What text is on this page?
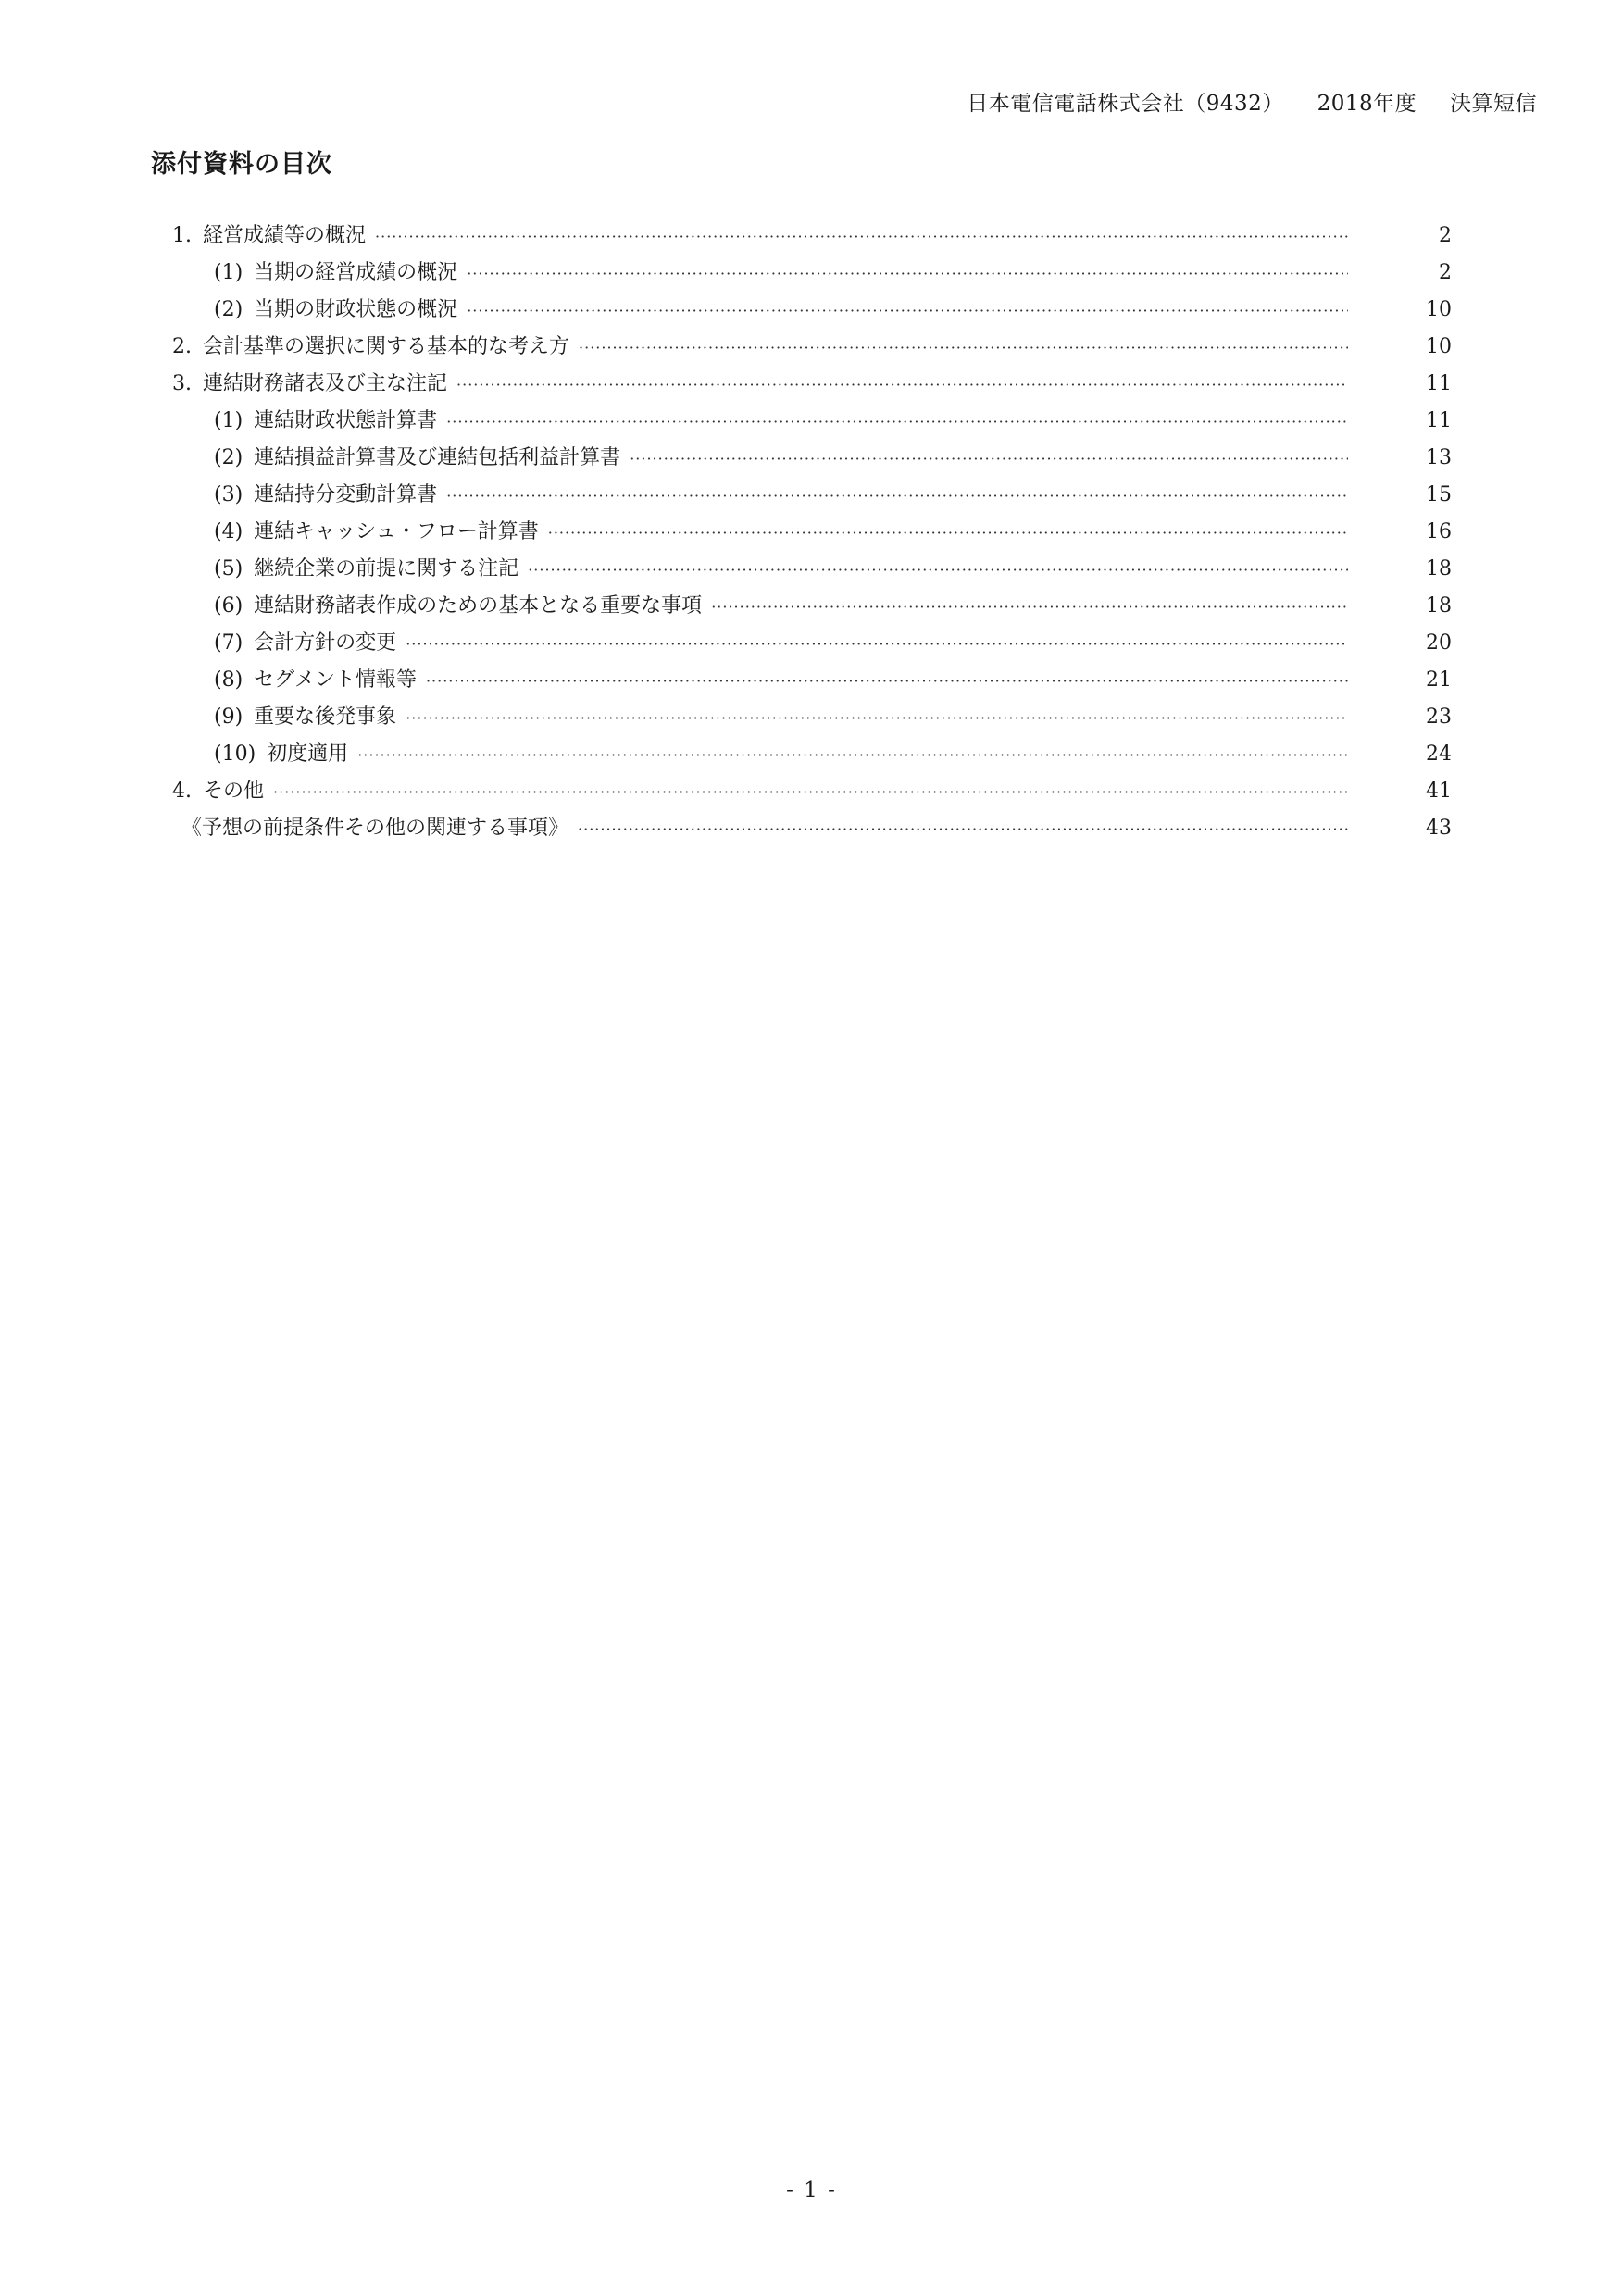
日本電信電話株式会社（9432） 2018年度 決算短信
添付資料の目次
1. 経営成績等の概況 ·····	2
(1) 当期の経営成績の概況 ·····	2
(2) 当期の財政状態の概況 ·····	10
2. 会計基準の選択に関する基本的な考え方 ·····	10
3. 連結財務諸表及び主な注記 ·····	11
(1) 連結財政状態計算書 ·····	11
(2) 連結損益計算書及び連結包括利益計算書 ·····	13
(3) 連結持分変動計算書 ·····	15
(4) 連結キャッシュ・フロー計算書 ·····	16
(5) 継続企業の前提に関する注記 ·····	18
(6) 連結財務諸表作成のための基本となる重要な事項 ·····	18
(7) 会計方針の変更 ·····	20
(8) セグメント情報等 ·····	21
(9) 重要な後発事象 ·····	23
(10) 初度適用 ·····	24
4. その他 ·····	41
《予想の前提条件その他の関連する事項》 ·····	43
- 1 -
